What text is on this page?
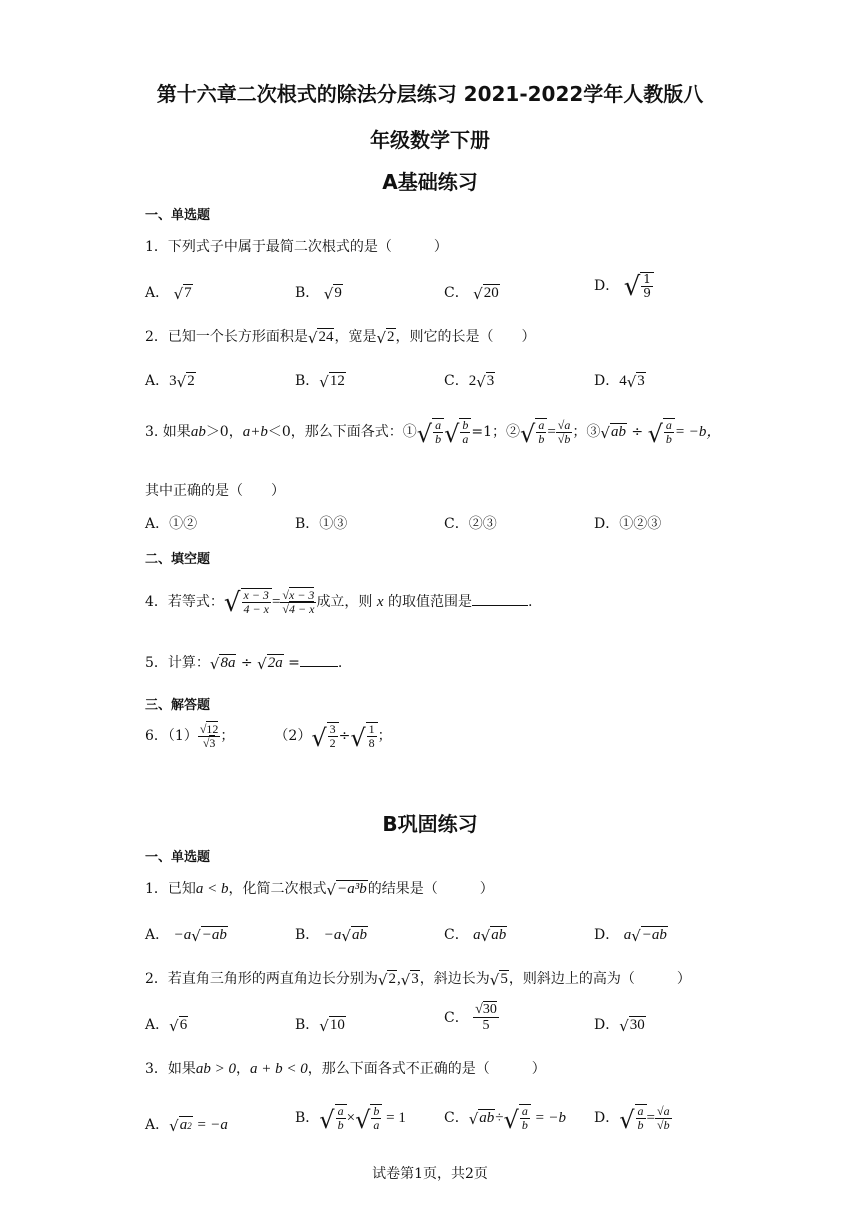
第十六章二次根式的除法分层练习 2021-2022学年人教版八
年级数学下册
A基础练习
一、单选题
1．下列式子中属于最简二次根式的是（　　　）
A． √ 7	B． √ 9	C． √ 20	D． √ $\frac{1}{9}$
2．已知一个长方形面积是 √ 24 ，宽是 √ 2 ，则它的长是（　　）
A．3 √ 2	B． √ 12	C．2 √ 3	D．4 √ 3
3. 如果ab＞0，a+b＜0，那么下面各式：① √ $\frac{a}{b}$ √ $\frac{b}{a} =1$；② √ $\frac{a}{b} = \frac{√a}{√b}$ ；③ √ ab ÷ √ $\frac{a}{b} = -b$，
其中正确的是（　　）
A．①②	B．①③	C．②③	D．①②③
二、填空题
4．若等式： √ $\frac{x - 3}{4 - x} = \frac{√x - 3}{√4 - x}$ 成立，则 x 的取值范围是	.
5．计算： √ 8a ÷ √ 2a =	.
三、解答题
6．$(1) \frac{√12}{√3}$ ；	（2） √ $\frac{3}{2}$ ÷ √ $\frac{1}{8}$ ；
B巩固练习
一、单选题
1．已知a < b，化简二次根式 √ −a³b 的结果是（　　　）
A． −a √ −ab	B． −a √ ab	C． a √ ab	D． a √ −ab
2．若直角三角形的两直角边长分别为 √ 2 , √ 3 ，斜边长为 √ 5 ，则斜边上的高为（　　　）
A． √ 6	B． √ 10	C． $\frac{√30}{5}$	D． √ 30
3．如果ab > 0，a + b < 0，那么下面各式不正确的是（　　　）
A． √ a 2 = −a	B． √ $\frac{a}{b}$ × √ $\frac{b}{a} = 1$	C． √ ab ÷ √ $\frac{a}{b} = -b$ D． √ $\frac{a}{b} = \frac{√a}{√b}$
试卷第1页，共2页
